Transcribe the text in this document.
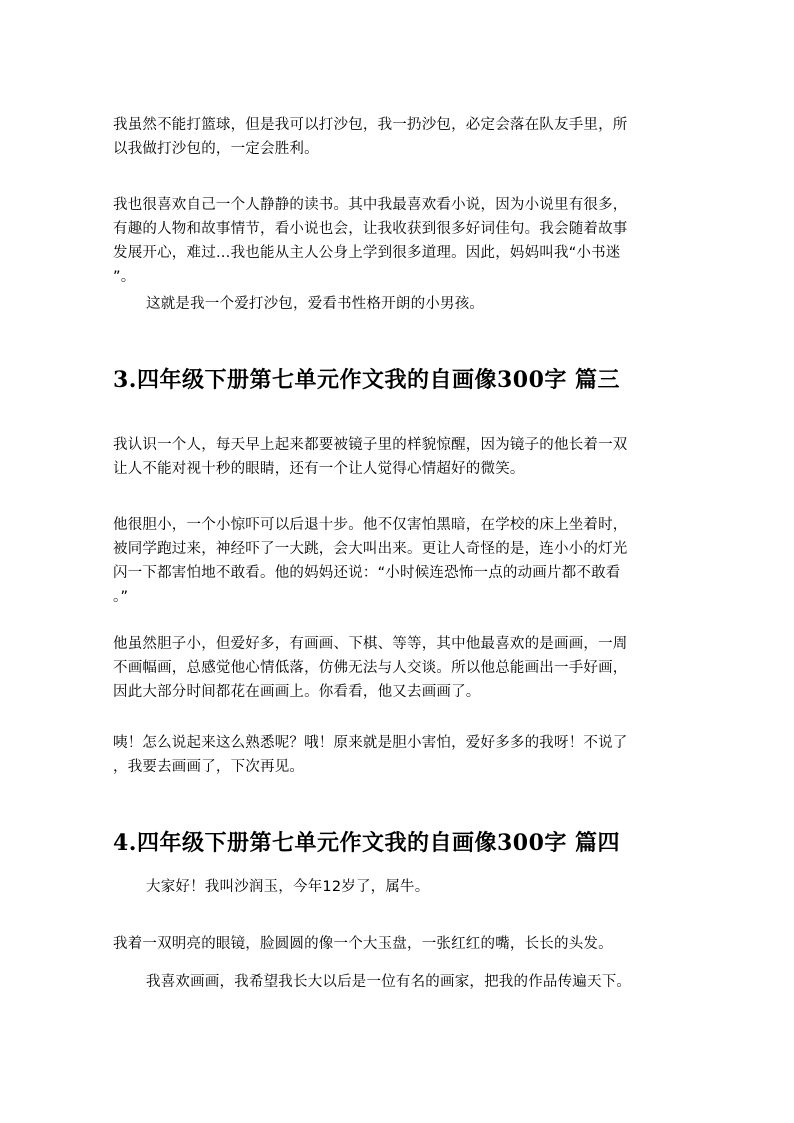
我虽然不能打篮球，但是我可以打沙包，我一扔沙包，必定会落在队友手里，所
以我做打沙包的，一定会胜利。

我也很喜欢自己一个人静静的读书。其中我最喜欢看小说，因为小说里有很多，
有趣的人物和故事情节，看小说也会，让我收获到很多好词佳句。我会随着故事
发展开心，难过…我也能从主人公身上学到很多道理。因此，妈妈叫我“小书迷
”。

这就是我一个爱打沙包，爱看书性格开朗的小男孩。

3.四年级下册第七单元作文我的自画像300字 篇三

我认识一个人，每天早上起来都要被镜子里的样貌惊醒，因为镜子的他长着一双
让人不能对视十秒的眼睛，还有一个让人觉得心情超好的微笑。

他很胆小，一个小惊吓可以后退十步。他不仅害怕黑暗，在学校的床上坐着时，
被同学跑过来，神经吓了一大跳，会大叫出来。更让人奇怪的是，连小小的灯光
闪一下都害怕地不敢看。他的妈妈还说：“小时候连恐怖一点的动画片都不敢看
。”

他虽然胆子小，但爱好多，有画画、下棋、等等，其中他最喜欢的是画画，一周
不画幅画，总感觉他心情低落，仿佛无法与人交谈。所以他总能画出一手好画，
因此大部分时间都花在画画上。你看看，他又去画画了。

咦！怎么说起来这么熟悉呢？哦！原来就是胆小害怕，爱好多多的我呀！不说了
，我要去画画了，下次再见。

4.四年级下册第七单元作文我的自画像300字 篇四

大家好！我叫沙润玉，今年12岁了，属牛。

我着一双明亮的眼镜，脸圆圆的像一个大玉盘，一张红红的嘴，长长的头发。

我喜欢画画，我希望我长大以后是一位有名的画家，把我的作品传遍天下。
